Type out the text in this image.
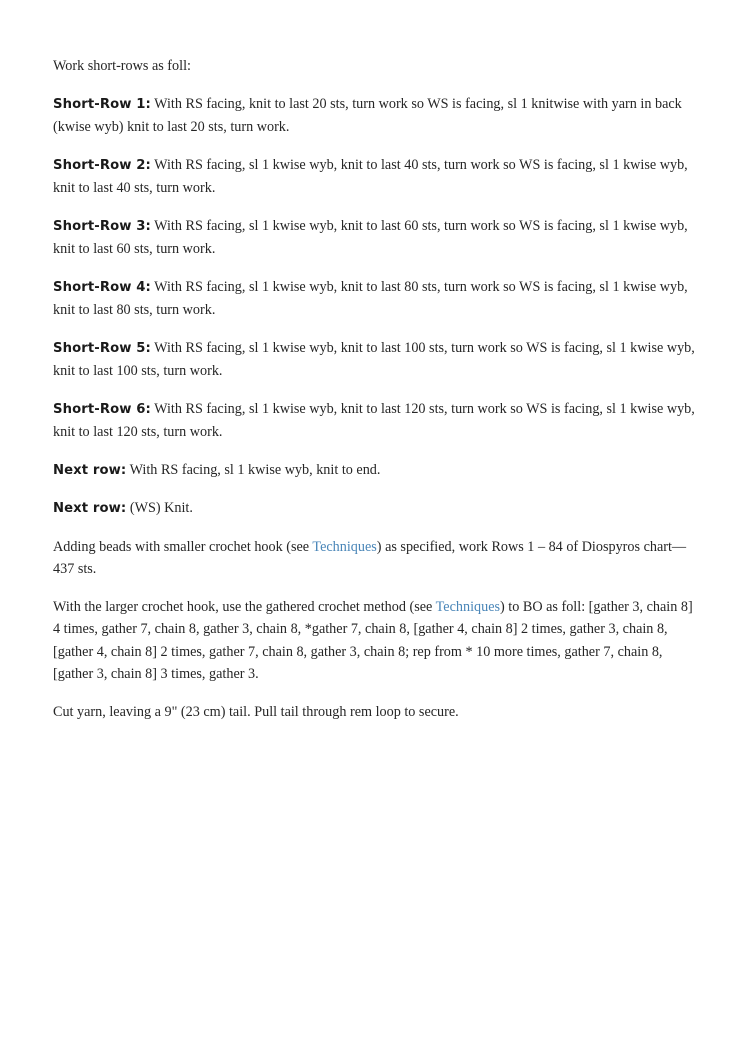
Work short-rows as foll:

Short-Row 1: With RS facing, knit to last 20 sts, turn work so WS is facing, sl 1 knitwise with yarn in back (kwise wyb) knit to last 20 sts, turn work.

Short-Row 2: With RS facing, sl 1 kwise wyb, knit to last 40 sts, turn work so WS is facing, sl 1 kwise wyb, knit to last 40 sts, turn work.

Short-Row 3: With RS facing, sl 1 kwise wyb, knit to last 60 sts, turn work so WS is facing, sl 1 kwise wyb, knit to last 60 sts, turn work.

Short-Row 4: With RS facing, sl 1 kwise wyb, knit to last 80 sts, turn work so WS is facing, sl 1 kwise wyb, knit to last 80 sts, turn work.

Short-Row 5: With RS facing, sl 1 kwise wyb, knit to last 100 sts, turn work so WS is facing, sl 1 kwise wyb, knit to last 100 sts, turn work.

Short-Row 6: With RS facing, sl 1 kwise wyb, knit to last 120 sts, turn work so WS is facing, sl 1 kwise wyb, knit to last 120 sts, turn work.

Next row: With RS facing, sl 1 kwise wyb, knit to end.

Next row: (WS) Knit.

Adding beads with smaller crochet hook (see Techniques) as specified, work Rows 1 – 84 of Diospyros chart—437 sts.

With the larger crochet hook, use the gathered crochet method (see Techniques) to BO as foll: [gather 3, chain 8] 4 times, gather 7, chain 8, gather 3, chain 8, *gather 7, chain 8, [gather 4, chain 8] 2 times, gather 3, chain 8, [gather 4, chain 8] 2 times, gather 7, chain 8, gather 3, chain 8; rep from * 10 more times, gather 7, chain 8, [gather 3, chain 8] 3 times, gather 3.

Cut yarn, leaving a 9" (23 cm) tail. Pull tail through rem loop to secure.
